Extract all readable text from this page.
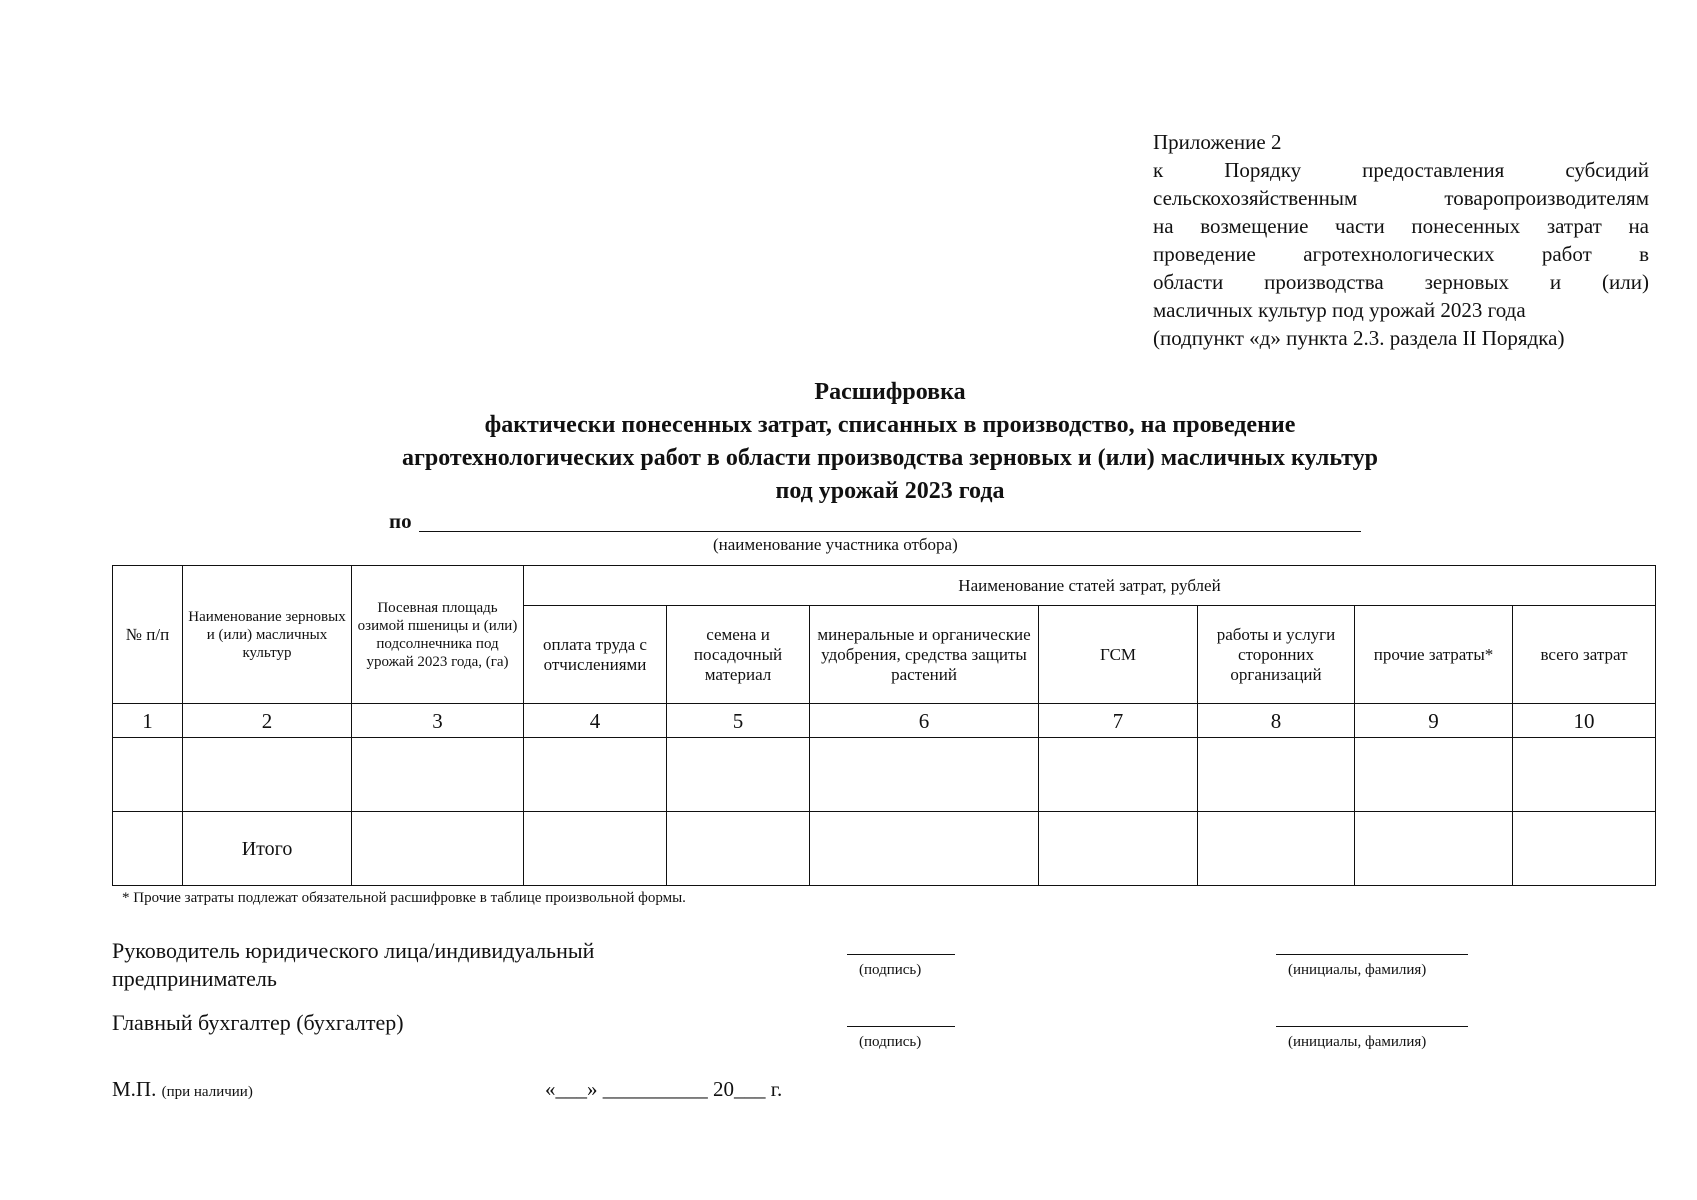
Приложение 2
к Порядку предоставления субсидий
сельскохозяйственным товаропроизводителям
на возмещение части понесенных затрат на
проведение агротехнологических работ в
области производства зерновых и (или)
масличных культур под урожай 2023 года
(подпункт «д» пункта 2.3. раздела II Порядка)
Расшифровка
фактически понесенных затрат, списанных в производство, на проведение
агротехнологических работ в области производства зерновых и (или) масличных культур
под урожай 2023 года
по
(наименование участника отбора)
№ п/п	Наименование зерновых и (или) масличных культур	Посевная площадь озимой пшеницы и (или) подсолнечника под урожай 2023 года, (га)	Наименование статей затрат, рублей						
			оплата труда с отчислениями	семена и посадочный материал	минеральные и органические удобрения, средства защиты растений	ГСМ	работы и услуги сторонних организаций	прочие затраты*	всего затрат
1	2	3	4	5	6	7	8	9	10

	Итого								
* Прочие затраты подлежат обязательной расшифровке в таблице произвольной формы.
Руководитель юридического лица/индивидуальный предприниматель	(подпись)	(инициалы, фамилия)
Главный бухгалтер (бухгалтер)
(подпись)	(инициалы, фамилия)
М.П. (при наличии)	«___» __________ 20___ г.
